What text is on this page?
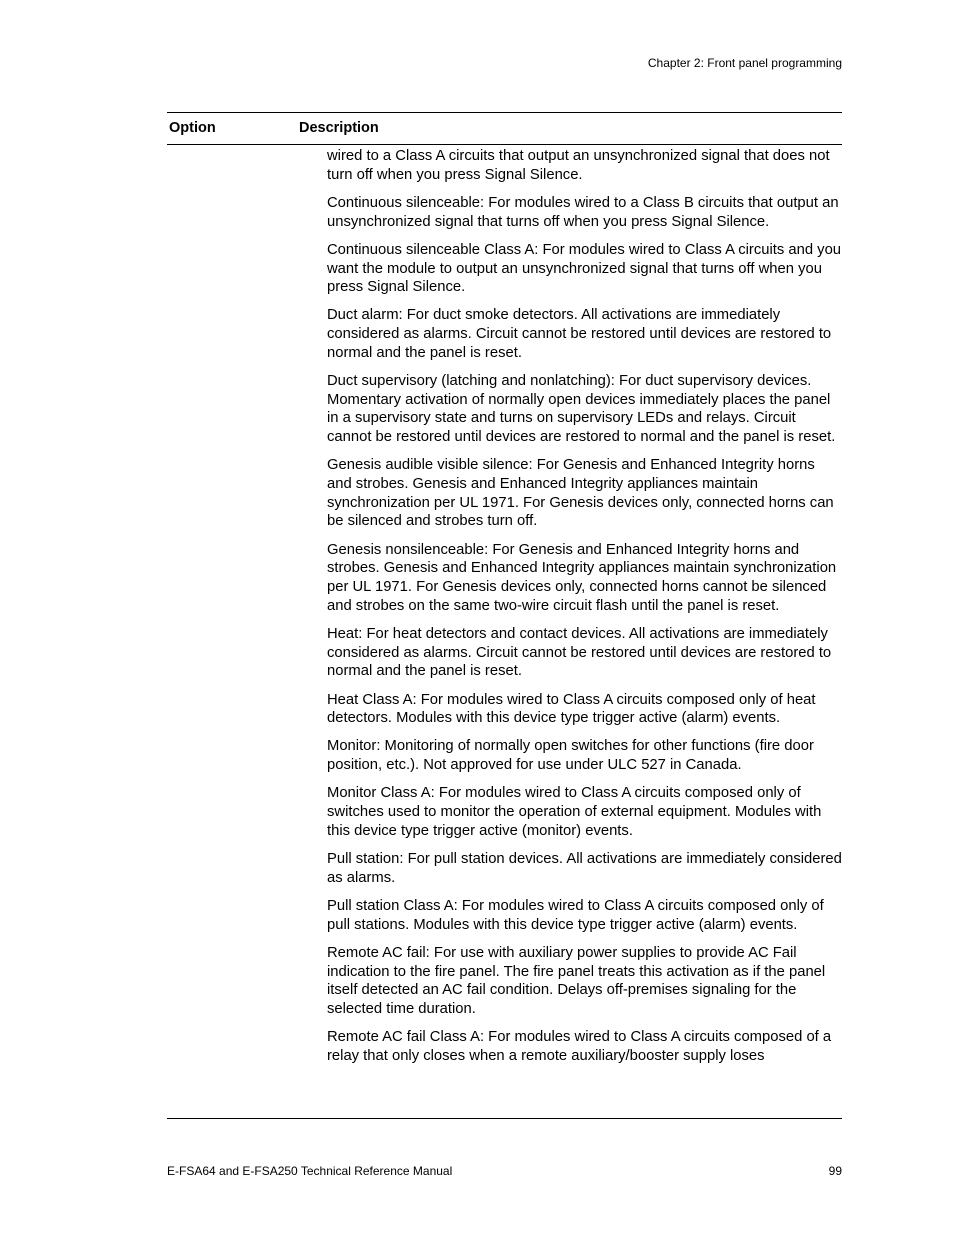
Chapter 2: Front panel programming
Option	Description

wired to a Class A circuits that output an unsynchronized signal that does not turn off when you press Signal Silence.

Continuous silenceable: For modules wired to a Class B circuits that output an unsynchronized signal that turns off when you press Signal Silence.

Continuous silenceable Class A: For modules wired to Class A circuits and you want the module to output an unsynchronized signal that turns off when you press Signal Silence.

Duct alarm: For duct smoke detectors. All activations are immediately considered as alarms. Circuit cannot be restored until devices are restored to normal and the panel is reset.

Duct supervisory (latching and nonlatching): For duct supervisory devices. Momentary activation of normally open devices immediately places the panel in a supervisory state and turns on supervisory LEDs and relays. Circuit cannot be restored until devices are restored to normal and the panel is reset.

Genesis audible visible silence: For Genesis and Enhanced Integrity horns and strobes. Genesis and Enhanced Integrity appliances maintain synchronization per UL 1971. For Genesis devices only, connected horns can be silenced and strobes turn off.

Genesis nonsilenceable: For Genesis and Enhanced Integrity horns and strobes. Genesis and Enhanced Integrity appliances maintain synchronization per UL 1971. For Genesis devices only, connected horns cannot be silenced and strobes on the same two-wire circuit flash until the panel is reset.

Heat: For heat detectors and contact devices. All activations are immediately considered as alarms. Circuit cannot be restored until devices are restored to normal and the panel is reset.

Heat Class A: For modules wired to Class A circuits composed only of heat detectors. Modules with this device type trigger active (alarm) events.

Monitor: Monitoring of normally open switches for other functions (fire door position, etc.). Not approved for use under ULC 527 in Canada.

Monitor Class A: For modules wired to Class A circuits composed only of switches used to monitor the operation of external equipment. Modules with this device type trigger active (monitor) events.

Pull station: For pull station devices. All activations are immediately considered as alarms.

Pull station Class A: For modules wired to Class A circuits composed only of pull stations. Modules with this device type trigger active (alarm) events.

Remote AC fail: For use with auxiliary power supplies to provide AC Fail indication to the fire panel. The fire panel treats this activation as if the panel itself detected an AC fail condition. Delays off-premises signaling for the selected time duration.

Remote AC fail Class A: For modules wired to Class A circuits composed of a relay that only closes when a remote auxiliary/booster supply loses

E-FSA64 and E-FSA250 Technical Reference Manual	99
